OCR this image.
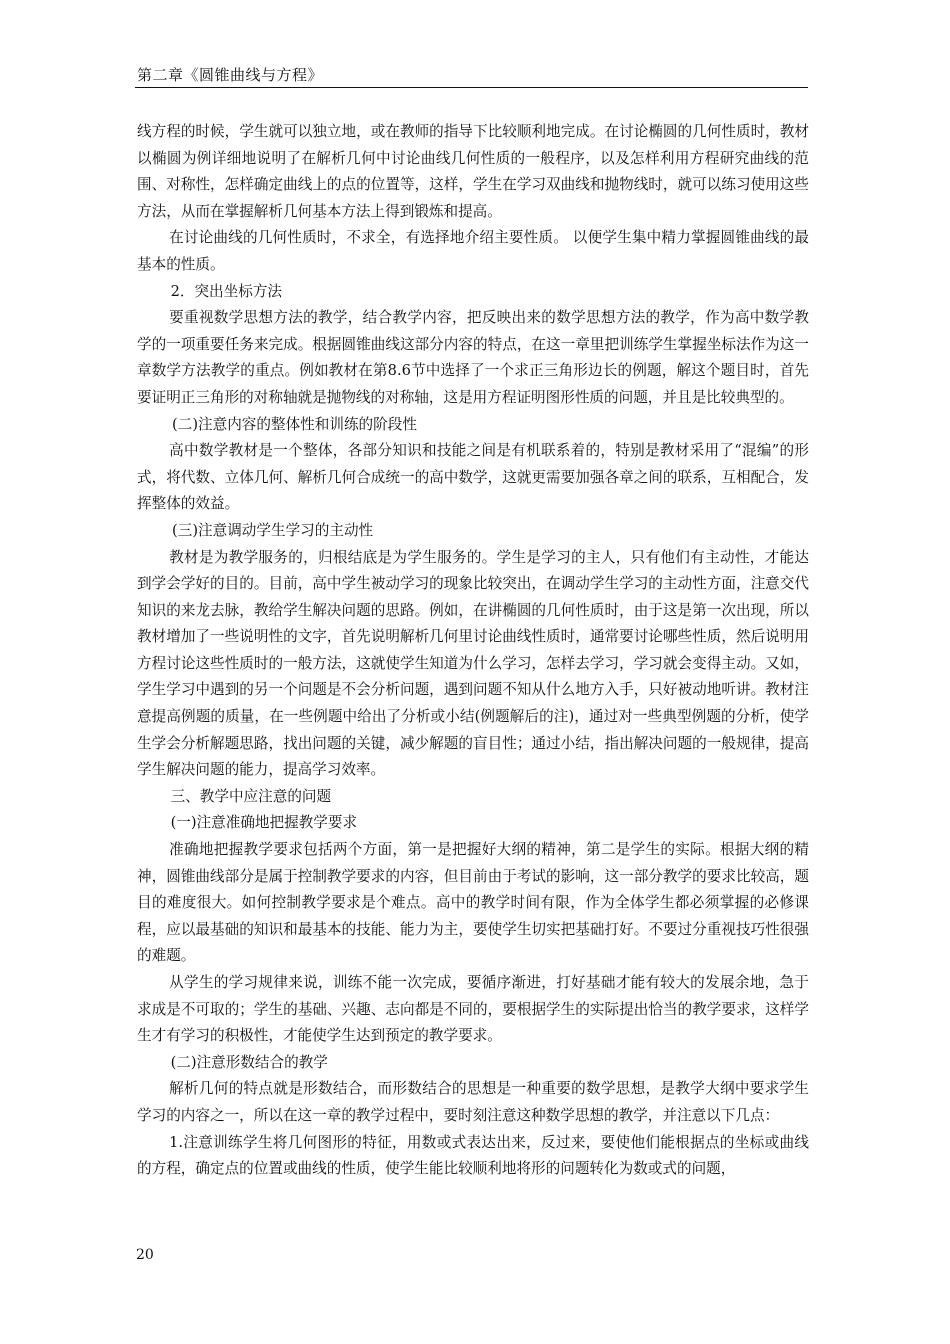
第二章《圆锥曲线与方程》

线方程的时候，学生就可以独立地，或在教师的指导下比较顺利地完成。在讨论椭圆的几何性质时，教材以椭圆为例详细地说明了在解析几何中讨论曲线几何性质的一般程序，以及怎样利用方程研究曲线的范围、对称性，怎样确定曲线上的点的位置等，这样，学生在学习双曲线和抛物线时，就可以练习使用这些方法，从而在掌握解析几何基本方法上得到锻炼和提高。

在讨论曲线的几何性质时，不求全，有选择地介绍主要性质。 以便学生集中精力掌握圆锥曲线的最基本的性质。

2．突出坐标方法

要重视数学思想方法的教学，结合教学内容，把反映出来的数学思想方法的教学，作为高中数学教学的一项重要任务来完成。根据圆锥曲线这部分内容的特点，在这一章里把训练学生掌握坐标法作为这一章数学方法教学的重点。例如教材在第8.6节中选择了一个求正三角形边长的例题，解这个题目时，首先要证明正三角形的对称轴就是抛物线的对称轴，这是用方程证明图形性质的问题，并且是比较典型的。

(二)注意内容的整体性和训练的阶段性

高中数学教材是一个整体，各部分知识和技能之间是有机联系着的，特别是教材采用了“混编”的形式，将代数、立体几何、解析几何合成统一的高中数学，这就更需要加强各章之间的联系，互相配合，发挥整体的效益。

(三)注意调动学生学习的主动性

教材是为教学服务的，归根结底是为学生服务的。学生是学习的主人，只有他们有主动性，才能达到学会学好的目的。目前，高中学生被动学习的现象比较突出，在调动学生学习的主动性方面，注意交代知识的来龙去脉，教给学生解决问题的思路。例如，在讲椭圆的几何性质时，由于这是第一次出现，所以教材增加了一些说明性的文字，首先说明解析几何里讨论曲线性质时，通常要讨论哪些性质，然后说明用方程讨论这些性质时的一般方法，这就使学生知道为什么学习，怎样去学习，学习就会变得主动。又如，学生学习中遇到的另一个问题是不会分析问题，遇到问题不知从什么地方入手，只好被动地听讲。教材注意提高例题的质量，在一些例题中给出了分析或小结(例题解后的注)，通过对一些典型例题的分析，使学生学会分析解题思路，找出问题的关键，减少解题的盲目性；通过小结，指出解决问题的一般规律，提高学生解决问题的能力，提高学习效率。

三、教学中应注意的问题

(一)注意准确地把握教学要求

准确地把握教学要求包括两个方面，第一是把握好大纲的精神，第二是学生的实际。根据大纲的精神，圆锥曲线部分是属于控制教学要求的内容，但目前由于考试的影响，这一部分教学的要求比较高，题目的难度很大。如何控制教学要求是个难点。高中的教学时间有限，作为全体学生都必须掌握的必修课程，应以最基础的知识和最基本的技能、能力为主，要使学生切实把基础打好。不要过分重视技巧性很强的难题。

从学生的学习规律来说，训练不能一次完成，要循序渐进，打好基础才能有较大的发展余地，急于求成是不可取的；学生的基础、兴趣、志向都是不同的，要根据学生的实际提出恰当的教学要求，这样学生才有学习的积极性，才能使学生达到预定的教学要求。

(二)注意形数结合的教学

解析几何的特点就是形数结合，而形数结合的思想是一种重要的数学思想，是教学大纲中要求学生学习的内容之一，所以在这一章的教学过程中，要时刻注意这种数学思想的教学，并注意以下几点：

1.注意训练学生将几何图形的特征，用数或式表达出来，反过来，要使他们能根据点的坐标或曲线的方程，确定点的位置或曲线的性质，使学生能比较顺利地将形的问题转化为数或式的问题，

20
